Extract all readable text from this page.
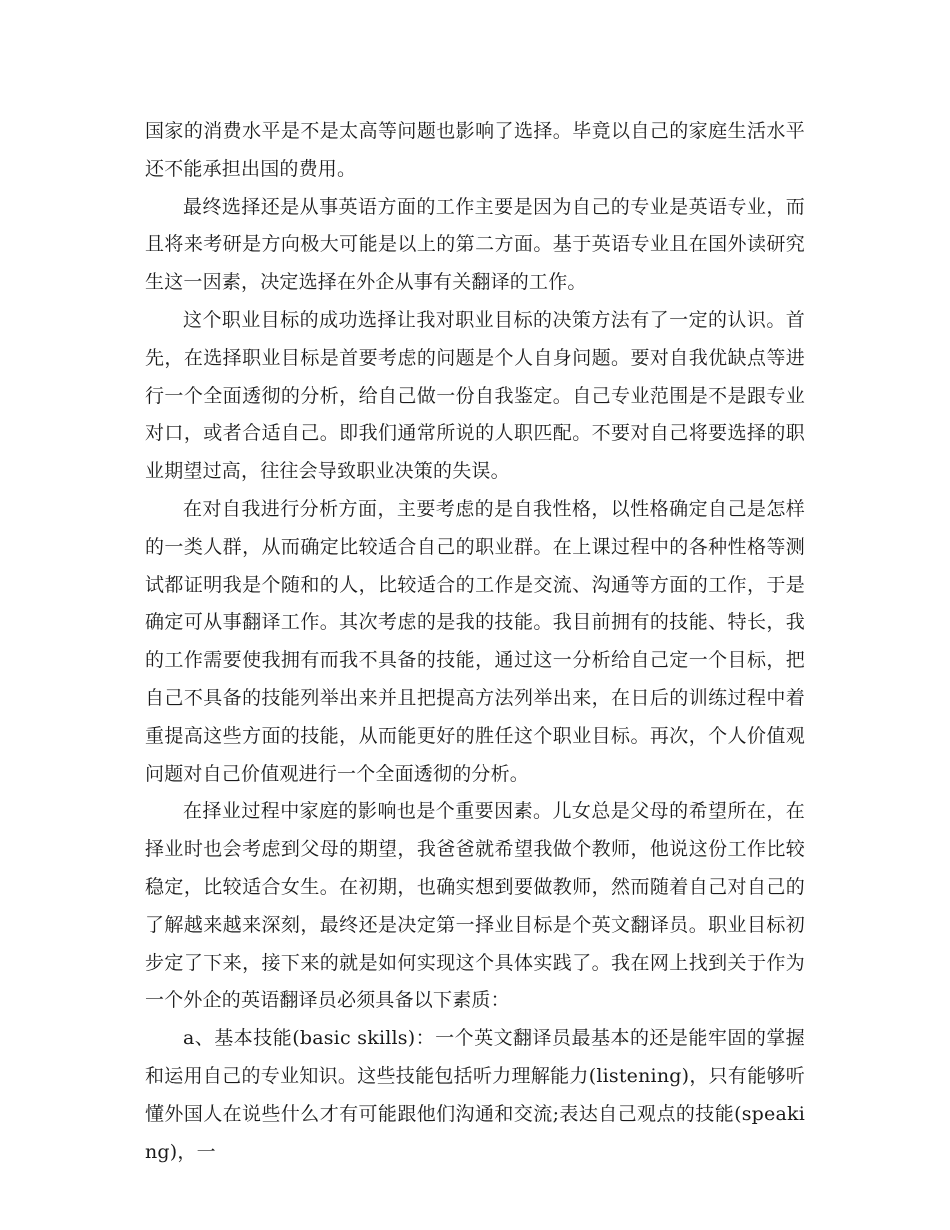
国家的消费水平是不是太高等问题也影响了选择。毕竟以自己的家庭生活水平还不能承担出国的费用。

最终选择还是从事英语方面的工作主要是因为自己的专业是英语专业，而且将来考研是方向极大可能是以上的第二方面。基于英语专业且在国外读研究生这一因素，决定选择在外企从事有关翻译的工作。

这个职业目标的成功选择让我对职业目标的决策方法有了一定的认识。首先，在选择职业目标是首要考虑的问题是个人自身问题。要对自我优缺点等进行一个全面透彻的分析，给自己做一份自我鉴定。自己专业范围是不是跟专业对口，或者合适自己。即我们通常所说的人职匹配。不要对自己将要选择的职业期望过高，往往会导致职业决策的失误。

在对自我进行分析方面，主要考虑的是自我性格，以性格确定自己是怎样的一类人群，从而确定比较适合自己的职业群。在上课过程中的各种性格等测试都证明我是个随和的人，比较适合的工作是交流、沟通等方面的工作，于是确定可从事翻译工作。其次考虑的是我的技能。我目前拥有的技能、特长，我的工作需要使我拥有而我不具备的技能，通过这一分析给自己定一个目标，把自己不具备的技能列举出来并且把提高方法列举出来，在日后的训练过程中着重提高这些方面的技能，从而能更好的胜任这个职业目标。再次，个人价值观问题对自己价值观进行一个全面透彻的分析。

在择业过程中家庭的影响也是个重要因素。儿女总是父母的希望所在，在择业时也会考虑到父母的期望，我爸爸就希望我做个教师，他说这份工作比较稳定，比较适合女生。在初期，也确实想到要做教师，然而随着自己对自己的了解越来越来深刻，最终还是决定第一择业目标是个英文翻译员。职业目标初步定了下来，接下来的就是如何实现这个具体实践了。我在网上找到关于作为一个外企的英语翻译员必须具备以下素质：

a、基本技能(basic skills)：一个英文翻译员最基本的还是能牢固的掌握和运用自己的专业知识。这些技能包括听力理解能力(listening)，只有能够听懂外国人在说些什么才有可能跟他们沟通和交流;表达自己观点的技能(speaking)，一
